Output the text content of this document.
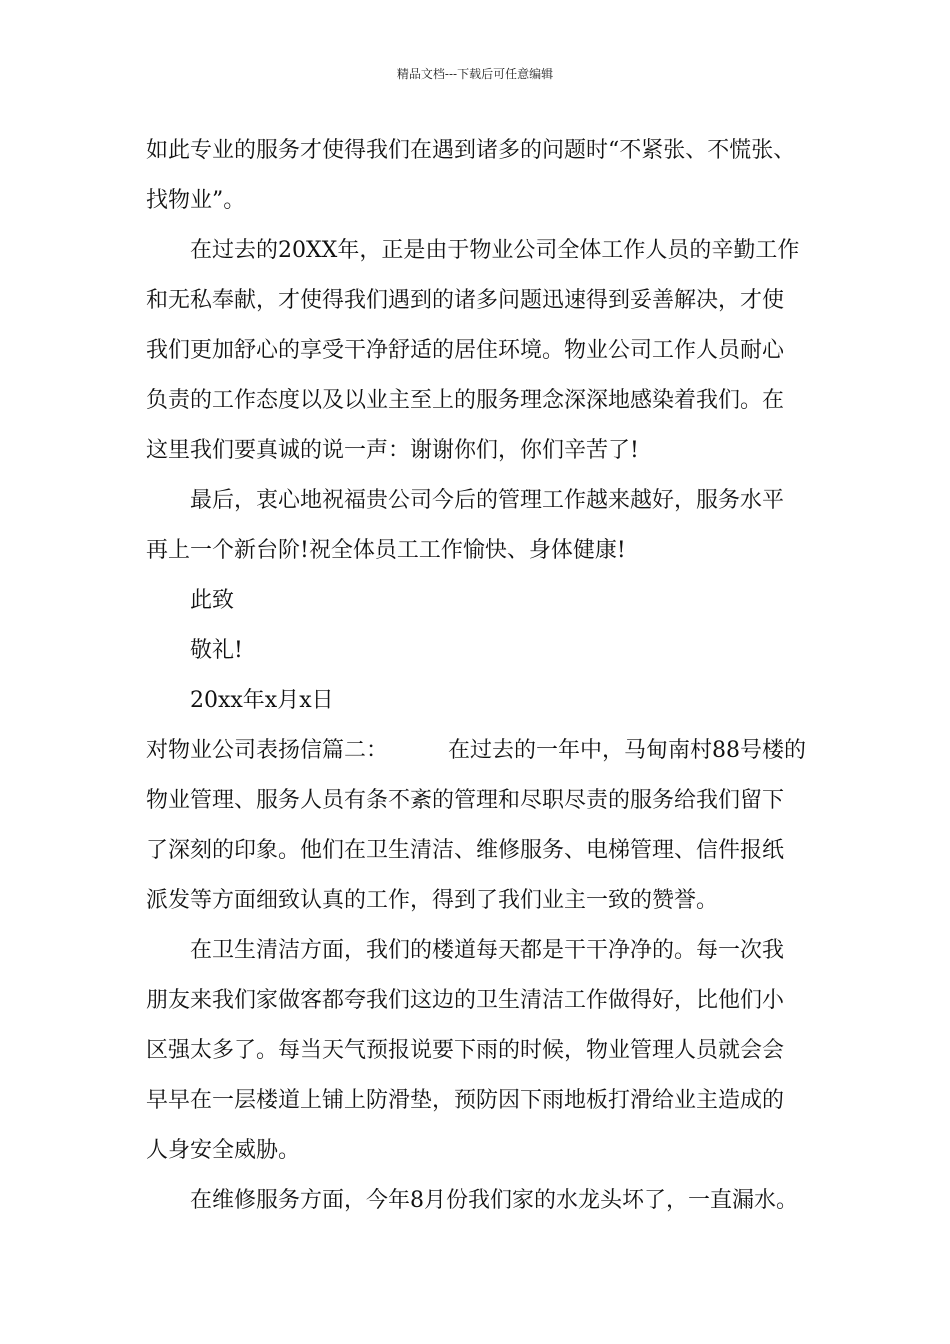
精品文档---下载后可任意编辑
如此专业的服务才使得我们在遇到诸多的问题时“不紧张、不慌张、
找物业”。
在过去的20XX年，正是由于物业公司全体工作人员的辛勤工作
和无私奉献，才使得我们遇到的诸多问题迅速得到妥善解决，才使
我们更加舒心的享受干净舒适的居住环境。物业公司工作人员耐心
负责的工作态度以及以业主至上的服务理念深深地感染着我们。在
这里我们要真诚的说一声：谢谢你们，你们辛苦了!
最后，衷心地祝福贵公司今后的管理工作越来越好，服务水平
再上一个新台阶!祝全体员工工作愉快、身体健康!
此致
敬礼!
20xx年x月x日
对物业公司表扬信篇二：	在过去的一年中，马甸南村88号楼的
物业管理、服务人员有条不紊的管理和尽职尽责的服务给我们留下
了深刻的印象。他们在卫生清洁、维修服务、电梯管理、信件报纸
派发等方面细致认真的工作，得到了我们业主一致的赞誉。
在卫生清洁方面，我们的楼道每天都是干干净净的。每一次我
朋友来我们家做客都夸我们这边的卫生清洁工作做得好，比他们小
区强太多了。每当天气预报说要下雨的时候，物业管理人员就会会
早早在一层楼道上铺上防滑垫，预防因下雨地板打滑给业主造成的
人身安全威胁。
在维修服务方面，今年8月份我们家的水龙头坏了，一直漏水。
